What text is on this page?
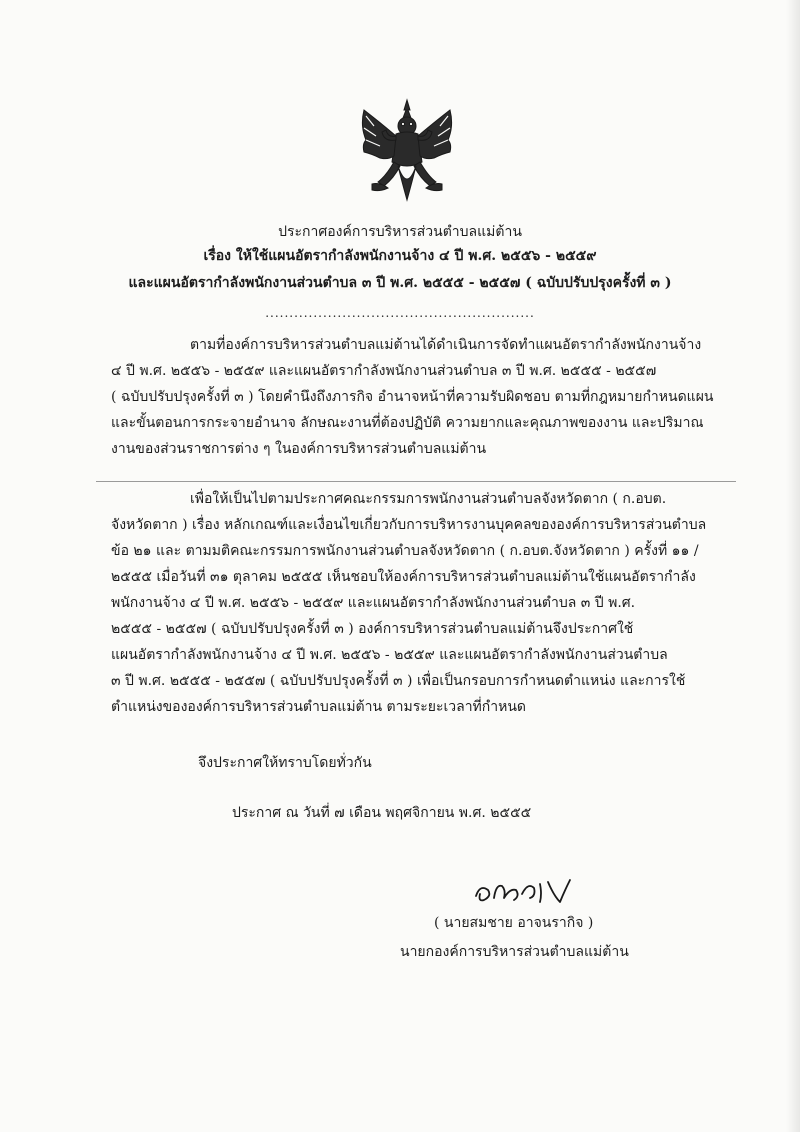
ประกาศองค์การบริหารส่วนตำบลแม่ต้าน
เรื่อง ให้ใช้แผนอัตรากำลังพนักงานจ้าง ๔ ปี พ.ศ. ๒๕๕๖ - ๒๕๕๙
และแผนอัตรากำลังพนักงานส่วนตำบล ๓ ปี พ.ศ. ๒๕๕๕ - ๒๕๕๗ ( ฉบับปรับปรุงครั้งที่ ๓ )
........................................................
ตามที่องค์การบริหารส่วนตำบลแม่ต้านได้ดำเนินการจัดทำแผนอัตรากำลังพนักงานจ้าง
๔ ปี พ.ศ. ๒๕๕๖ - ๒๕๕๙ และแผนอัตรากำลังพนักงานส่วนตำบล ๓ ปี พ.ศ. ๒๕๕๕ - ๒๕๕๗
( ฉบับปรับปรุงครั้งที่ ๓ ) โดยคำนึงถึงภารกิจ อำนาจหน้าที่ความรับผิดชอบ ตามที่กฎหมายกำหนดแผน
และขั้นตอนการกระจายอำนาจ ลักษณะงานที่ต้องปฏิบัติ ความยากและคุณภาพของงาน และปริมาณ
งานของส่วนราชการต่าง ๆ ในองค์การบริหารส่วนตำบลแม่ต้าน
เพื่อให้เป็นไปตามประกาศคณะกรรมการพนักงานส่วนตำบลจังหวัดตาก ( ก.อบต.
จังหวัดตาก ) เรื่อง หลักเกณฑ์และเงื่อนไขเกี่ยวกับการบริหารงานบุคคลขององค์การบริหารส่วนตำบล
ข้อ ๒๑ และ ตามมติคณะกรรมการพนักงานส่วนตำบลจังหวัดตาก ( ก.อบต.จังหวัดตาก ) ครั้งที่ ๑๑ /
๒๕๕๕ เมื่อวันที่ ๓๑ ตุลาคม ๒๕๕๕ เห็นชอบให้องค์การบริหารส่วนตำบลแม่ต้านใช้แผนอัตรากำลัง
พนักงานจ้าง ๔ ปี พ.ศ. ๒๕๕๖ - ๒๕๕๙ และแผนอัตรากำลังพนักงานส่วนตำบล ๓ ปี พ.ศ.
๒๕๕๕ - ๒๕๕๗ ( ฉบับปรับปรุงครั้งที่ ๓ ) องค์การบริหารส่วนตำบลแม่ต้านจึงประกาศใช้
แผนอัตรากำลังพนักงานจ้าง ๔ ปี พ.ศ. ๒๕๕๖ - ๒๕๕๙ และแผนอัตรากำลังพนักงานส่วนตำบล
๓ ปี พ.ศ. ๒๕๕๕ - ๒๕๕๗ ( ฉบับปรับปรุงครั้งที่ ๓ ) เพื่อเป็นกรอบการกำหนดตำแหน่ง และการใช้
ตำแหน่งขององค์การบริหารส่วนตำบลแม่ต้าน ตามระยะเวลาที่กำหนด
จึงประกาศให้ทราบโดยทั่วกัน
ประกาศ ณ วันที่ ๗ เดือน พฤศจิกายน พ.ศ. ๒๕๕๕
( นายสมชาย อาจนรากิจ )
นายกองค์การบริหารส่วนตำบลแม่ต้าน
